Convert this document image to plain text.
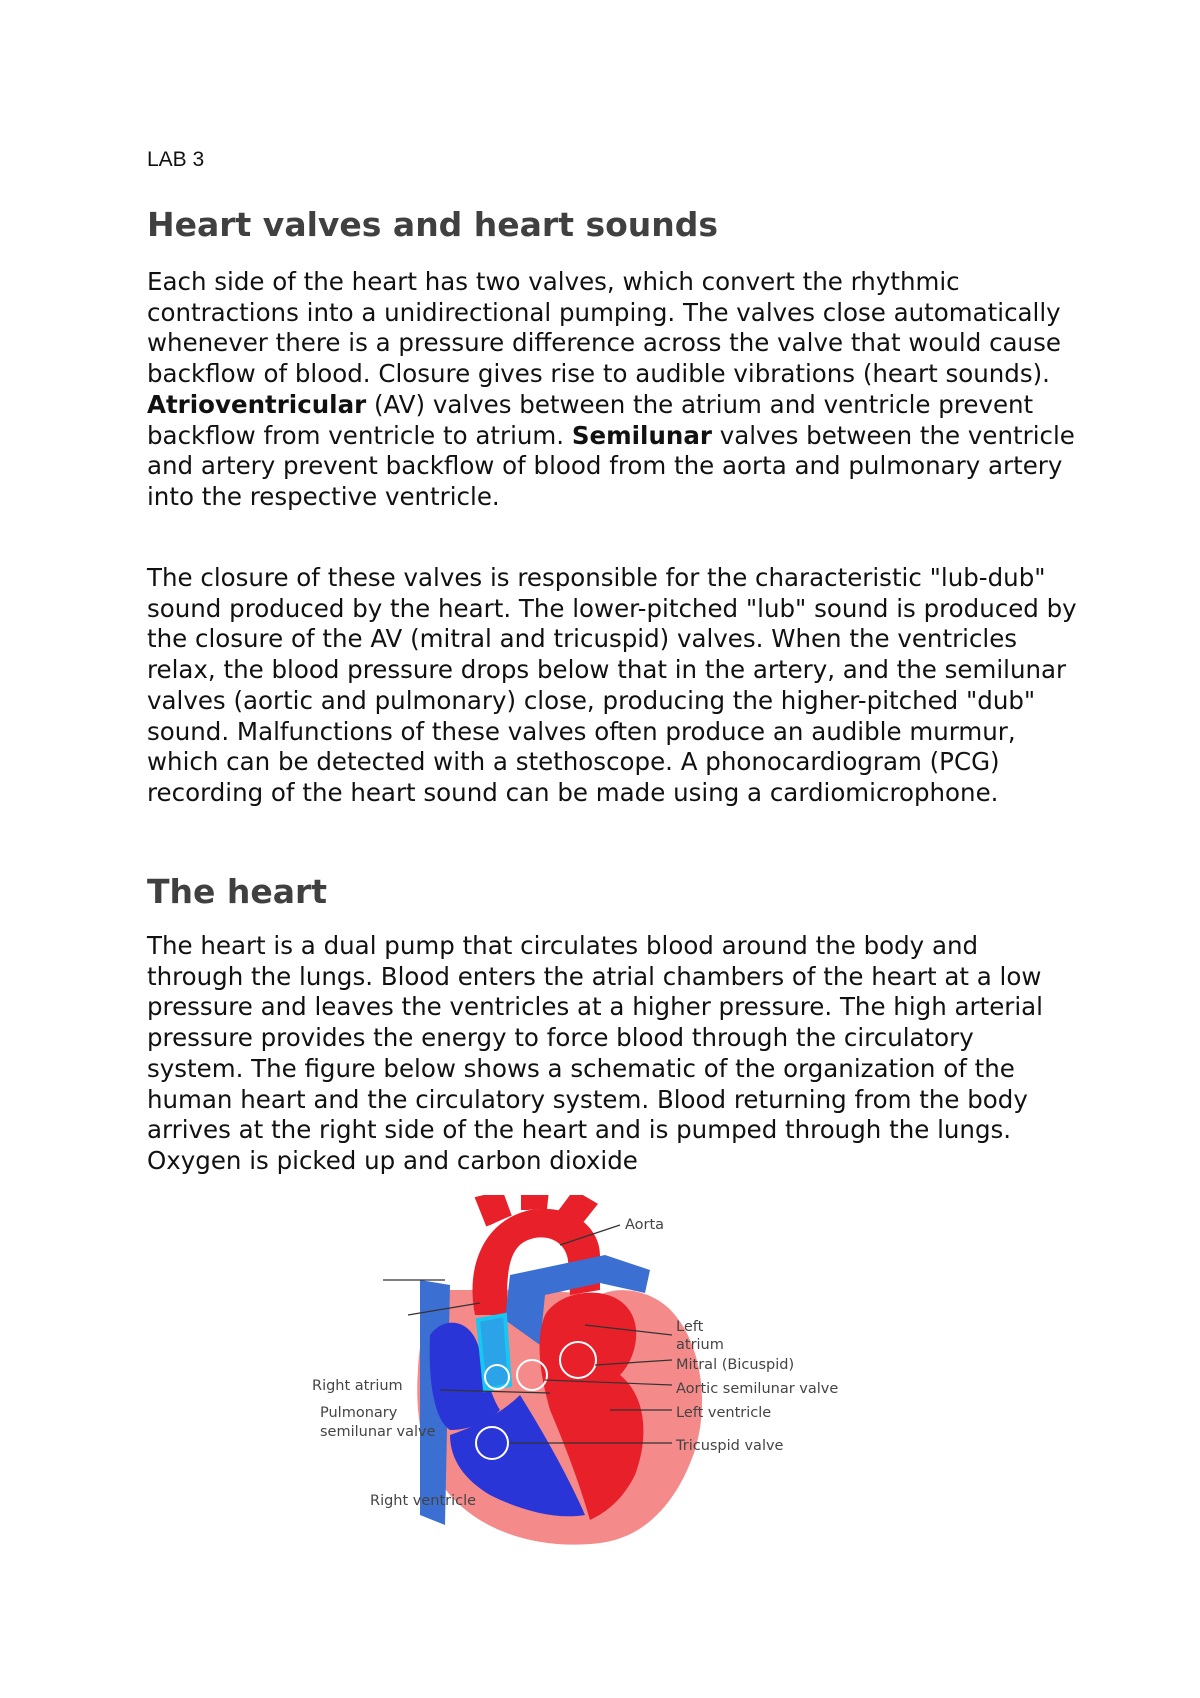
LAB 3
Heart valves and heart sounds

Each side of the heart has two valves, which convert the rhythmic contractions into a unidirectional pumping. The valves close automatically whenever there is a pressure difference across the valve that would cause backflow of blood. Closure gives rise to audible vibrations (heart sounds). Atrioventricular (AV) valves between the atrium and ventricle prevent backflow from ventricle to atrium. Semilunar valves between the ventricle and artery prevent backflow of blood from the aorta and pulmonary artery into the respective ventricle.

The closure of these valves is responsible for the characteristic "lub-dub" sound produced by the heart. The lower-pitched "lub" sound is produced by the closure of the AV (mitral and tricuspid) valves. When the ventricles relax, the blood pressure drops below that in the artery, and the semilunar valves (aortic and pulmonary) close, producing the higher-pitched "dub" sound. Malfunctions of these valves often produce an audible murmur, which can be detected with a stethoscope. A phonocardiogram (PCG) recording of the heart sound can be made using a cardiomicrophone.

The heart

The heart is a dual pump that circulates blood around the body and through the lungs. Blood enters the atrial chambers of the heart at a low pressure and leaves the ventricles at a higher pressure. The high arterial pressure provides the energy to force blood through the circulatory system. The figure below shows a schematic of the organization of the human heart and the circulatory system. Blood returning from the body arrives at the right side of the heart and is pumped through the lungs. Oxygen is picked up and carbon dioxide

Aorta
Left
atrium
Mitral (Bicuspid)
Aortic semilunar valve
Left ventricle
Tricuspid valve
Right atrium
Pulmonary
semilunar valve
Right ventricle
